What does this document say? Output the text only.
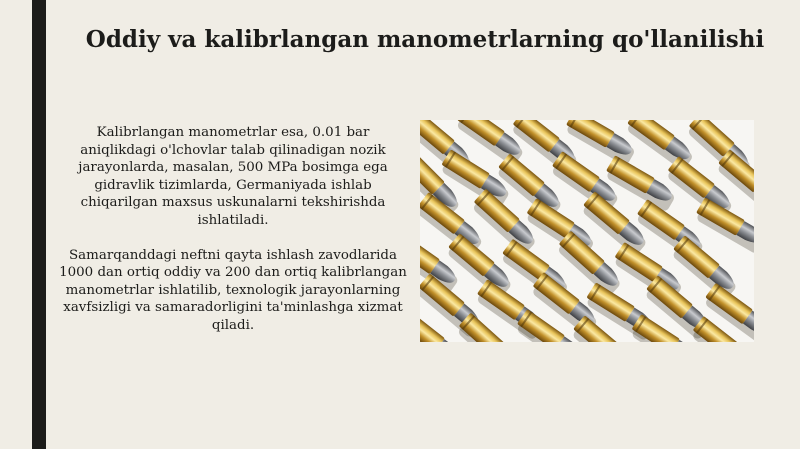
Oddiy va kalibrlangan manometrlarning qo'llanilishi

Kalibrlangan manometrlar esa, 0.01 bar aniqlikdagi o'lchovlar talab qilinadigan nozik jarayonlarda, masalan, 500 MPa bosimga ega gidravlik tizimlarda, Germaniyada ishlab chiqarilgan maxsus uskunalarni tekshirishda ishlatiladi.

Samarqanddagi neftni qayta ishlash zavodlarida 1000 dan ortiq oddiy va 200 dan ortiq kalibrlangan manometrlar ishlatilib, texnologik jarayonlarning xavfsizligi va samaradorligini ta'minlashga xizmat qiladi.
